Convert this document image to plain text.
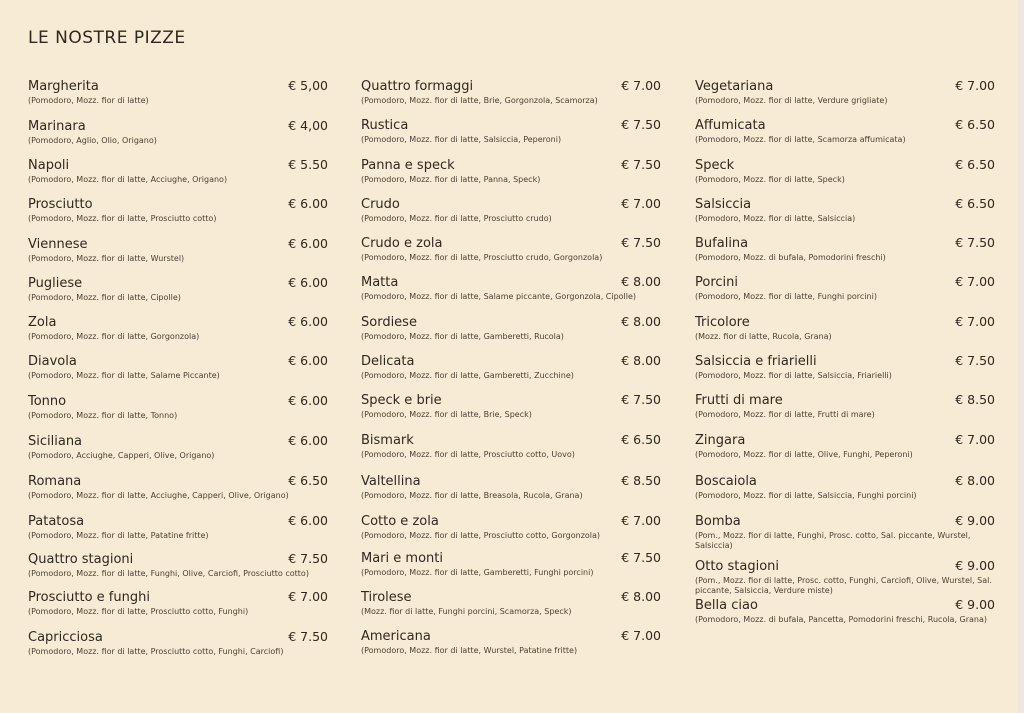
LE NOSTRE PIZZE
Margherita	€ 5,00
(Pomodoro, Mozz. fior di latte)
Marinara	€ 4,00
(Pomodoro, Aglio, Olio, Origano)
Napoli	€ 5.50
(Pomodoro, Mozz. fior di latte, Acciughe, Origano)
Prosciutto	€ 6.00
(Pomodoro, Mozz. fior di latte, Prosciutto cotto)
Viennese	€ 6.00
(Pomodoro, Mozz. fior di latte, Wurstel)
Pugliese	€ 6.00
(Pomodoro, Mozz. fior di latte, Cipolle)
Zola	€ 6.00
(Pomodoro, Mozz. fior di latte, Gorgonzola)
Diavola	€ 6.00
(Pomodoro, Mozz. fior di latte, Salame Piccante)
Tonno	€ 6.00
(Pomodoro, Mozz. fior di latte, Tonno)
Siciliana	€ 6.00
(Pomodoro, Acciughe, Capperi, Olive, Origano)
Romana	€ 6.50
(Pomodoro, Mozz. fior di latte, Acciughe, Capperi, Olive, Origano)
Patatosa	€ 6.00
(Pomodoro, Mozz. fior di latte, Patatine fritte)
Quattro stagioni	€ 7.50
(Pomodoro, Mozz. fior di latte, Funghi, Olive, Carciofi, Prosciutto cotto)
Prosciutto e funghi	€ 7.00
(Pomodoro, Mozz. fior di latte, Prosciutto cotto, Funghi)
Capricciosa	€ 7.50
(Pomodoro, Mozz. fior di latte, Prosciutto cotto, Funghi, Carciofi)
Quattro formaggi	€ 7.00
(Pomodoro, Mozz. fior di latte, Brie, Gorgonzola, Scamorza)
Rustica	€ 7.50
(Pomodoro, Mozz. fior di latte, Salsiccia, Peperoni)
Panna e speck	€ 7.50
(Pomodoro, Mozz. fior di latte, Panna, Speck)
Crudo	€ 7.00
(Pomodoro, Mozz. fior di latte, Prosciutto crudo)
Crudo e zola	€ 7.50
(Pomodoro, Mozz. fior di latte, Prosciutto crudo, Gorgonzola)
Matta	€ 8.00
(Pomodoro, Mozz. fior di latte, Salame piccante, Gorgonzola, Cipolle)
Sordiese	€ 8.00
(Pomodoro, Mozz. fior di latte, Gamberetti, Rucola)
Delicata	€ 8.00
(Pomodoro, Mozz. fior di latte, Gamberetti, Zucchine)
Speck e brie	€ 7.50
(Pomodoro, Mozz. fior di latte, Brie, Speck)
Bismark	€ 6.50
(Pomodoro, Mozz. fior di latte, Prosciutto cotto, Uovo)
Valtellina	€ 8.50
(Pomodoro, Mozz. fior di latte, Breasola, Rucola, Grana)
Cotto e zola	€ 7.00
(Pomodoro, Mozz. fior di latte, Prosciutto cotto, Gorgonzola)
Mari e monti	€ 7.50
(Pomodoro, Mozz. fior di latte, Gamberetti, Funghi porcini)
Tirolese	€ 8.00
(Mozz. fior di latte, Funghi porcini, Scamorza, Speck)
Americana	€ 7.00
(Pomodoro, Mozz. fior di latte, Wurstel, Patatine fritte)
Vegetariana	€ 7.00
(Pomodoro, Mozz. fior di latte, Verdure grigliate)
Affumicata	€ 6.50
(Pomodoro, Mozz. fior di latte, Scamorza affumicata)
Speck	€ 6.50
(Pomodoro, Mozz. fior di latte, Speck)
Salsiccia	€ 6.50
(Pomodoro, Mozz. fior di latte, Salsiccia)
Bufalina	€ 7.50
(Pomodoro, Mozz. di bufala, Pomodorini freschi)
Porcini	€ 7.00
(Pomodoro, Mozz. fior di latte, Funghi porcini)
Tricolore	€ 7.00
(Mozz. fior di latte, Rucola, Grana)
Salsiccia e friarielli	€ 7.50
(Pomodoro, Mozz. fior di latte, Salsiccia, Friarielli)
Frutti di mare	€ 8.50
(Pomodoro, Mozz. fior di latte, Frutti di mare)
Zingara	€ 7.00
(Pomodoro, Mozz. fior di latte, Olive, Funghi, Peperoni)
Boscaiola	€ 8.00
(Pomodoro, Mozz. fior di latte, Salsiccia, Funghi porcini)
Bomba	€ 9.00
(Pom., Mozz. fior di latte, Funghi, Prosc. cotto, Sal. piccante, Wurstel, Salsiccia)
Otto stagioni	€ 9.00
(Pom., Mozz. fior di latte, Prosc. cotto, Funghi, Carciofi, Olive, Wurstel, Sal. piccante, Salsiccia, Verdure miste)
Bella ciao	€ 9.00
(Pomodoro, Mozz. di bufala, Pancetta, Pomodorini freschi, Rucola, Grana)
